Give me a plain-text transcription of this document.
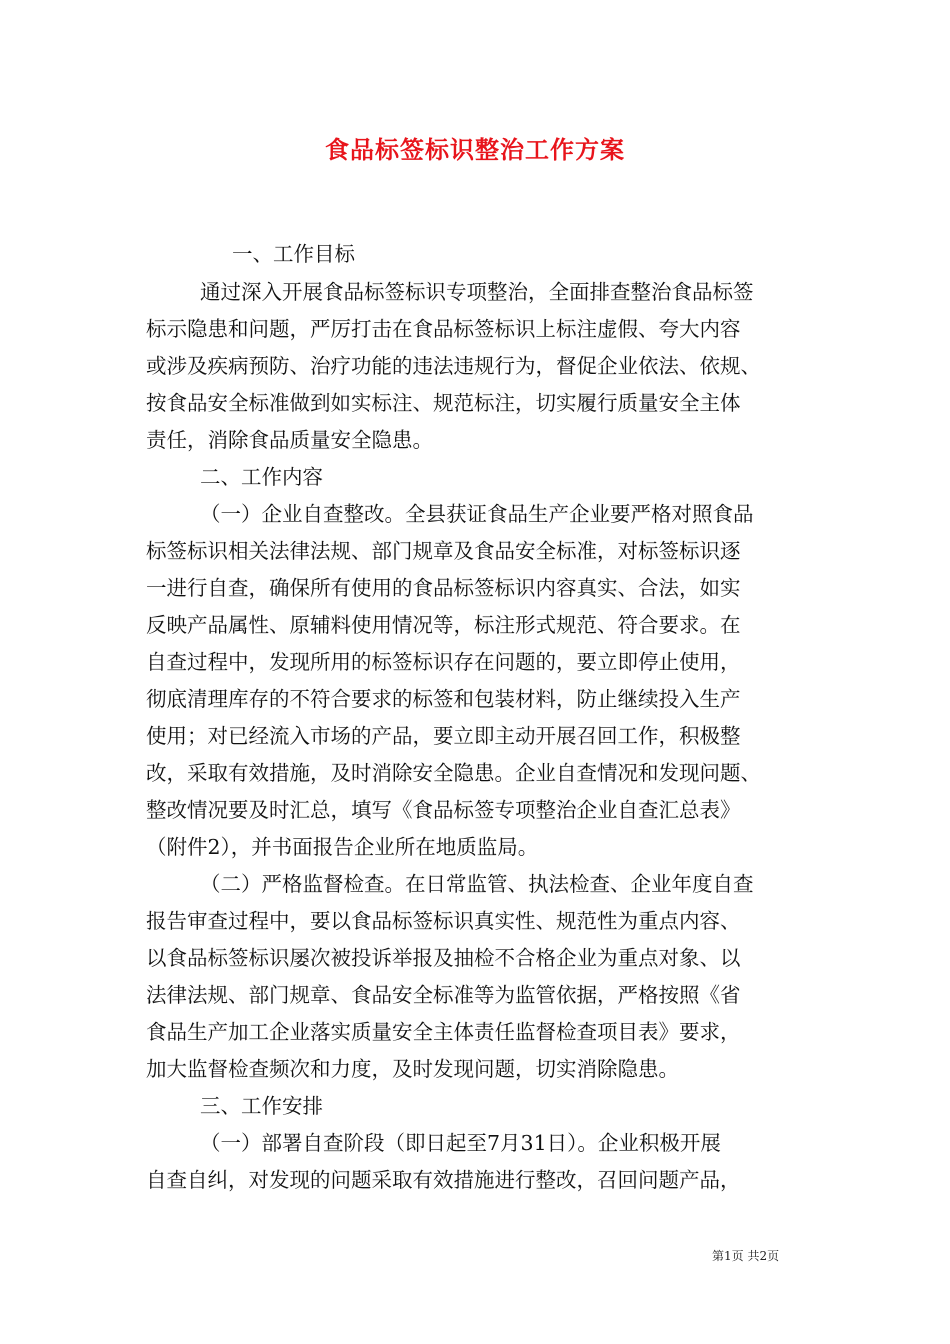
食品标签标识整治工作方案
一、工作目标
通过深入开展食品标签标识专项整治，全面排查整治食品标签
标示隐患和问题，严厉打击在食品标签标识上标注虚假、夸大内容
或涉及疾病预防、治疗功能的违法违规行为，督促企业依法、依规、
按食品安全标准做到如实标注、规范标注，切实履行质量安全主体
责任，消除食品质量安全隐患。
二、工作内容
（一）企业自查整改。全县获证食品生产企业要严格对照食品
标签标识相关法律法规、部门规章及食品安全标准，对标签标识逐
一进行自查，确保所有使用的食品标签标识内容真实、合法，如实
反映产品属性、原辅料使用情况等，标注形式规范、符合要求。在
自查过程中，发现所用的标签标识存在问题的，要立即停止使用，
彻底清理库存的不符合要求的标签和包装材料，防止继续投入生产
使用；对已经流入市场的产品，要立即主动开展召回工作，积极整
改，采取有效措施，及时消除安全隐患。企业自查情况和发现问题、
整改情况要及时汇总，填写《食品标签专项整治企业自查汇总表》
（附件2），并书面报告企业所在地质监局。
（二）严格监督检查。在日常监管、执法检查、企业年度自查
报告审查过程中，要以食品标签标识真实性、规范性为重点内容、
以食品标签标识屡次被投诉举报及抽检不合格企业为重点对象、以
法律法规、部门规章、食品安全标准等为监管依据，严格按照《省
食品生产加工企业落实质量安全主体责任监督检查项目表》要求，
加大监督检查频次和力度，及时发现问题，切实消除隐患。
三、工作安排
（一）部署自查阶段（即日起至7月31日）。企业积极开展
自查自纠，对发现的问题采取有效措施进行整改，召回问题产品，
第1页 共2页
